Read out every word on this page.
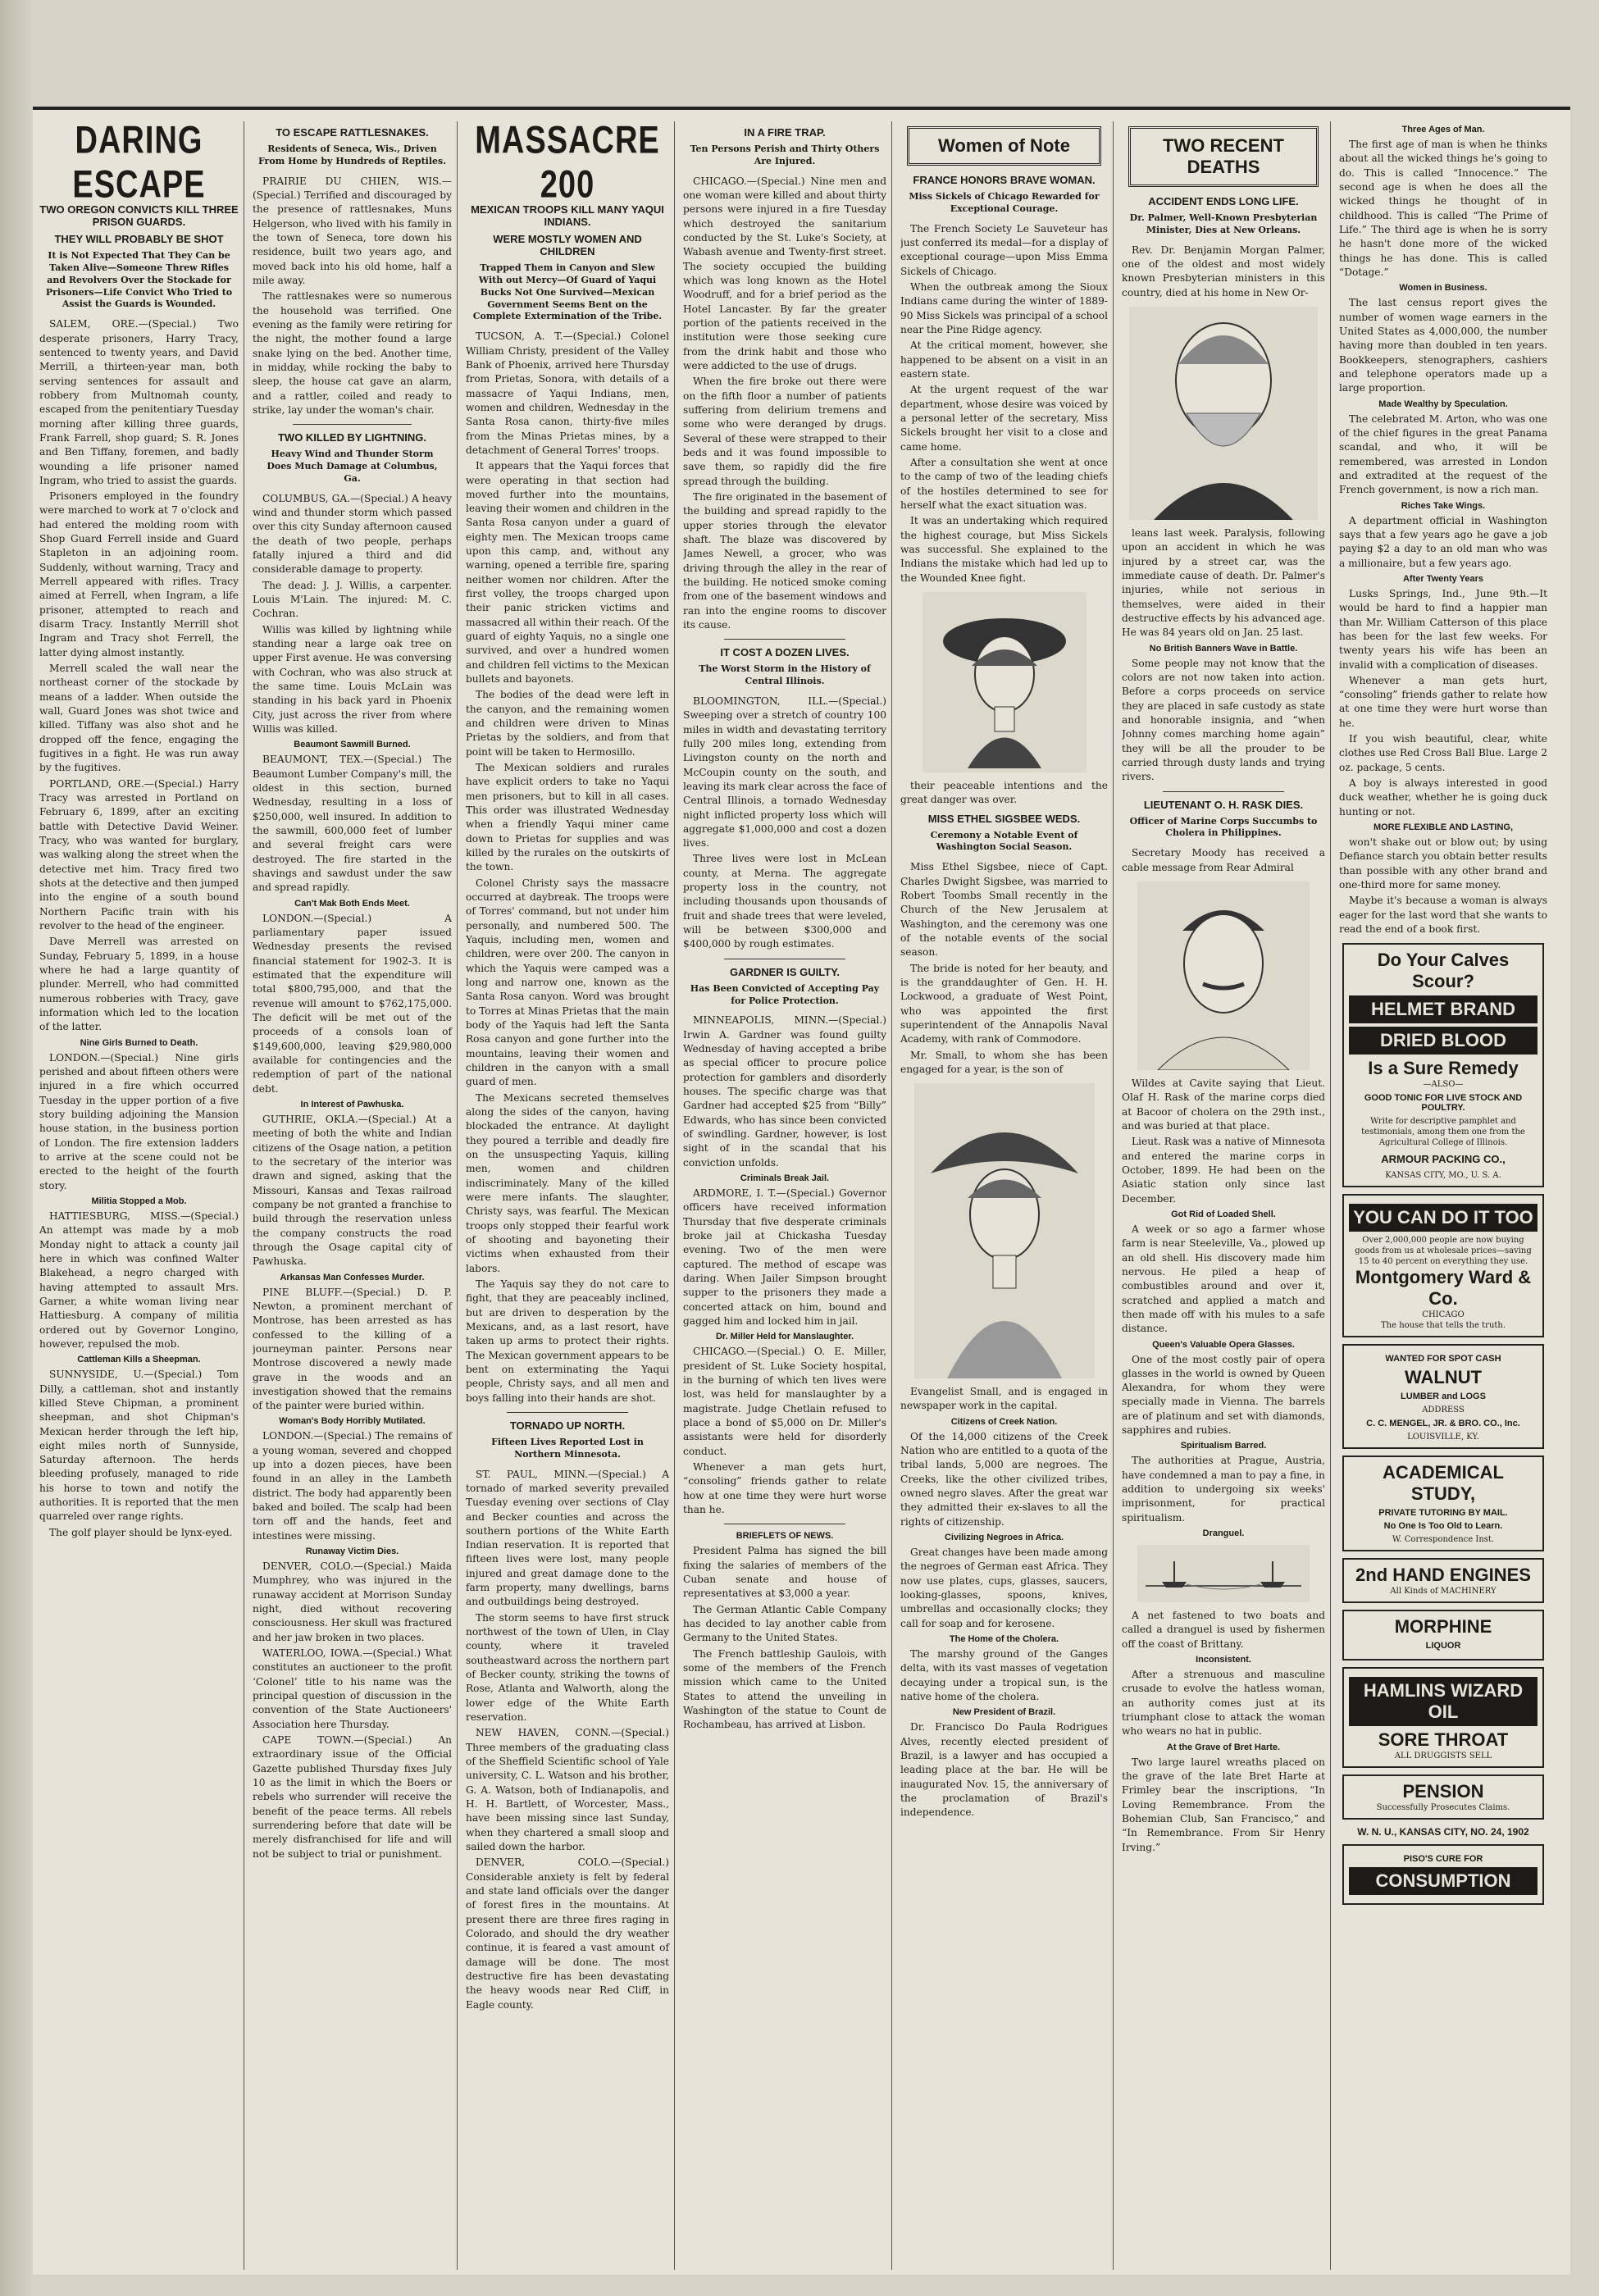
DARING ESCAPE
TWO OREGON CONVICTS KILL THREE PRISON GUARDS.
THEY WILL PROBABLY BE SHOT
It is Not Expected That They Can be Taken Alive—Someone Threw Rifles and Revolvers Over the Stockade for Prisoners—Life Convict Who Tried to Assist the Guards is Wounded.

SALEM, ORE.—(Special.) Two desperate prisoners, Harry Tracy, sentenced to twenty years, and David Merrill, a thirteen-year man, both serving sentences for assault and robbery from Multnomah county, escaped from the penitentiary Tuesday morning after killing three guards, Frank Farrell, shop guard; S. R. Jones and Ben Tiffany, foremen, and badly wounding a life prisoner named Ingram, who tried to assist the guards.

Prisoners employed in the foundry were marched to work at 7 o'clock and had entered the molding room with Shop Guard Ferrell inside and Guard Stapleton in an adjoining room. Suddenly, without warning, Tracy and Merrell appeared with rifles. Tracy aimed at Ferrell, when Ingram, a life prisoner, attempted to reach and disarm Tracy. Instantly Merrill shot Ingram and Tracy shot Ferrell, the latter dying almost instantly.

Merrell scaled the wall near the northeast corner of the stockade by means of a ladder. When outside the wall, Guard Jones was shot twice and killed. Tiffany was also shot and he dropped off the fence, engaging the fugitives in a fight. He was run away by the fugitives.

PORTLAND, ORE.—(Special.) Harry Tracy was arrested in Portland on February 6, 1899, after an exciting battle with Detective David Weiner. Tracy, who was wanted for burglary, was walking along the street when the detective met him. Tracy fired two shots at the detective and then jumped into the engine of a south bound Northern Pacific train with his revolver to the head of the engineer.

Dave Merrell was arrested on Sunday, February 5, 1899, in a house where he had a large quantity of plunder. Merrell, who had committed numerous robberies with Tracy, gave information which led to the location of the latter.

Nine Girls Burned to Death.

LONDON.—(Special.) Nine girls perished and about fifteen others were injured in a fire which occurred Tuesday in the upper portion of a five story building adjoining the Mansion house station, in the business portion of London. The fire extension ladders to arrive at the scene could not be erected to the height of the fourth story.

Militia Stopped a Mob.

HATTIESBURG, MISS.—(Special.) An attempt was made by a mob Monday night to attack a county jail here in which was confined Walter Blakehead, a negro charged with having attempted to assault Mrs. Garner, a white woman living near Hattiesburg. A company of militia ordered out by Governor Longino, however, repulsed the mob.

Cattleman Kills a Sheepman.

SUNNYSIDE, U.—(Special.) Tom Dilly, a cattleman, shot and instantly killed Steve Chipman, a prominent sheepman, and shot Chipman's Mexican herder through the left hip, eight miles north of Sunnyside, Saturday afternoon. The herds bleeding profusely, managed to ride his horse to town and notify the authorities. It is reported that the men quarreled over range rights.

The golf player should be lynx-eyed.

TO ESCAPE RATTLESNAKES.
Residents of Seneca, Wis., Driven From Home by Hundreds of Reptiles.

PRAIRIE DU CHIEN, WIS.—(Special.) Terrified and discouraged by the presence of rattlesnakes, Muns Helgerson, who lived with his family in the town of Seneca, tore down his residence, built two years ago, and moved back into his old home, half a mile away.

The rattlesnakes were so numerous the household was terrified. One evening as the family were retiring for the night, the mother found a large snake lying on the bed. Another time, in midday, while rocking the baby to sleep, the house cat gave an alarm, and a rattler, coiled and ready to strike, lay under the woman's chair.

TWO KILLED BY LIGHTNING.
Heavy Wind and Thunder Storm Does Much Damage at Columbus, Ga.

COLUMBUS, GA.—(Special.) A heavy wind and thunder storm which passed over this city Sunday afternoon caused the death of two people, perhaps fatally injured a third and did considerable damage to property.

The dead: J. J. Willis, a carpenter. Louis M'Lain. The injured: M. C. Cochran.

Willis was killed by lightning while standing near a large oak tree on upper First avenue. He was conversing with Cochran, who was also struck at the same time. Louis McLain was standing in his back yard in Phoenix City, just across the river from where Willis was killed.

Beaumont Sawmill Burned.

BEAUMONT, TEX.—(Special.) The Beaumont Lumber Company's mill, the oldest in this section, burned Wednesday, resulting in a loss of $250,000, well insured. In addition to the sawmill, 600,000 feet of lumber and several freight cars were destroyed. The fire started in the shavings and sawdust under the saw and spread rapidly.

Can't Mak Both Ends Meet.

LONDON.—(Special.) A parliamentary paper issued Wednesday presents the revised financial statement for 1902-3. It is estimated that the expenditure will total $800,795,000, and that the revenue will amount to $762,175,000. The deficit will be met out of the proceeds of a consols loan of $149,600,000, leaving $29,980,000 available for contingencies and the redemption of part of the national debt.

In Interest of Pawhuska.

GUTHRIE, OKLA.—(Special.) At a meeting of both the white and Indian citizens of the Osage nation, a petition to the secretary of the interior was drawn and signed, asking that the Missouri, Kansas and Texas railroad company be not granted a franchise to build through the reservation unless the company constructs the road through the Osage capital city of Pawhuska.

Arkansas Man Confesses Murder.

PINE BLUFF.—(Special.) D. P. Newton, a prominent merchant of Montrose, has been arrested as has confessed to the killing of a journeyman painter. Persons near Montrose discovered a newly made grave in the woods and an investigation showed that the remains of the painter were buried within.

Woman's Body Horribly Mutilated.

LONDON.—(Special.) The remains of a young woman, severed and chopped up into a dozen pieces, have been found in an alley in the Lambeth district. The body had apparently been baked and boiled. The scalp had been torn off and the hands, feet and intestines were missing.

Runaway Victim Dies.

DENVER, COLO.—(Special.) Maida Mumphrey, who was injured in the runaway accident at Morrison Sunday night, died without recovering consciousness. Her skull was fractured and her jaw broken in two places.

WATERLOO, IOWA.—(Special.) What constitutes an auctioneer to the profit ‘Colonel’ title to his name was the principal question of discussion in the convention of the State Auctioneers' Association here Thursday.

CAPE TOWN.—(Special.) An extraordinary issue of the Official Gazette published Thursday fixes July 10 as the limit in which the Boers or rebels who surrender will receive the benefit of the peace terms. All rebels surrendering before that date will be merely disfranchised for life and will not be subject to trial or punishment.

MASSACRE 200
MEXICAN TROOPS KILL MANY YAQUI INDIANS.
WERE MOSTLY WOMEN AND CHILDREN
Trapped Them in Canyon and Slew With out Mercy—Of Guard of Yaqui Bucks Not One Survived—Mexican Government Seems Bent on the Complete Extermination of the Tribe.

TUCSON, A. T.—(Special.) Colonel William Christy, president of the Valley Bank of Phoenix, arrived here Thursday from Prietas, Sonora, with details of a massacre of Yaqui Indians, men, women and children, Wednesday in the Santa Rosa canon, thirty-five miles from the Minas Prietas mines, by a detachment of General Torres' troops.

It appears that the Yaqui forces that were operating in that section had moved further into the mountains, leaving their women and children in the Santa Rosa canyon under a guard of eighty men. The Mexican troops came upon this camp, and, without any warning, opened a terrible fire, sparing neither women nor children. After the first volley, the troops charged upon their panic stricken victims and massacred all within their reach. Of the guard of eighty Yaquis, no a single one survived, and over a hundred women and children fell victims to the Mexican bullets and bayonets.

The bodies of the dead were left in the canyon, and the remaining women and children were driven to Minas Prietas by the soldiers, and from that point will be taken to Hermosillo.

The Mexican soldiers and rurales have explicit orders to take no Yaqui men prisoners, but to kill in all cases. This order was illustrated Wednesday when a friendly Yaqui miner came down to Prietas for supplies and was killed by the rurales on the outskirts of the town.

Colonel Christy says the massacre occurred at daybreak. The troops were of Torres' command, but not under him personally, and numbered 500. The Yaquis, including men, women and children, were over 200. The canyon in which the Yaquis were camped was a long and narrow one, known as the Santa Rosa canyon. Word was brought to Torres at Minas Prietas that the main body of the Yaquis had left the Santa Rosa canyon and gone further into the mountains, leaving their women and children in the canyon with a small guard of men.

The Mexicans secreted themselves along the sides of the canyon, having blockaded the entrance. At daylight they poured a terrible and deadly fire on the unsuspecting Yaquis, killing men, women and children indiscriminately. Many of the killed were mere infants. The slaughter, Christy says, was fearful. The Mexican troops only stopped their fearful work of shooting and bayoneting their victims when exhausted from their labors.

The Yaquis say they do not care to fight, that they are peaceably inclined, but are driven to desperation by the Mexicans, and, as a last resort, have taken up arms to protect their rights. The Mexican government appears to be bent on exterminating the Yaqui people, Christy says, and all men and boys falling into their hands are shot.

TORNADO UP NORTH.
Fifteen Lives Reported Lost in Northern Minnesota.

ST. PAUL, MINN.—(Special.) A tornado of marked severity prevailed Tuesday evening over sections of Clay and Becker counties and across the southern portions of the White Earth Indian reservation. It is reported that fifteen lives were lost, many people injured and great damage done to the farm property, many dwellings, barns and outbuildings being destroyed.

The storm seems to have first struck northwest of the town of Ulen, in Clay county, where it traveled southeastward across the northern part of Becker county, striking the towns of Rose, Atlanta and Walworth, along the lower edge of the White Earth reservation.

NEW HAVEN, CONN.—(Special.) Three members of the graduating class of the Sheffield Scientific school of Yale university, C. L. Watson and his brother, G. A. Watson, both of Indianapolis, and H. H. Bartlett, of Worcester, Mass., have been missing since last Sunday, when they chartered a small sloop and sailed down the harbor.

DENVER, COLO.—(Special.) Considerable anxiety is felt by federal and state land officials over the danger of forest fires in the mountains. At present there are three fires raging in Colorado, and should the dry weather continue, it is feared a vast amount of damage will be done. The most destructive fire has been devastating the heavy woods near Red Cliff, in Eagle county.

IN A FIRE TRAP.
Ten Persons Perish and Thirty Others Are Injured.

CHICAGO.—(Special.) Nine men and one woman were killed and about thirty persons were injured in a fire Tuesday which destroyed the sanitarium conducted by the St. Luke's Society, at Wabash avenue and Twenty-first street. The society occupied the building which was long known as the Hotel Woodruff, and for a brief period as the Hotel Lancaster. By far the greater portion of the patients received in the institution were those seeking cure from the drink habit and those who were addicted to the use of drugs.

When the fire broke out there were on the fifth floor a number of patients suffering from delirium tremens and some who were deranged by drugs. Several of these were strapped to their beds and it was found impossible to save them, so rapidly did the fire spread through the building.

The fire originated in the basement of the building and spread rapidly to the upper stories through the elevator shaft. The blaze was discovered by James Newell, a grocer, who was driving through the alley in the rear of the building. He noticed smoke coming from one of the basement windows and ran into the engine rooms to discover its cause.

IT COST A DOZEN LIVES.
The Worst Storm in the History of Central Illinois.

BLOOMINGTON, ILL.—(Special.) Sweeping over a stretch of country 100 miles in width and devastating territory fully 200 miles long, extending from Livingston county on the north and McCoupin county on the south, and leaving its mark clear across the face of Central Illinois, a tornado Wednesday night inflicted property loss which will aggregate $1,000,000 and cost a dozen lives.

Three lives were lost in McLean county, at Merna. The aggregate property loss in the country, not including thousands upon thousands of fruit and shade trees that were leveled, will be between $300,000 and $400,000 by rough estimates.

GARDNER IS GUILTY.
Has Been Convicted of Accepting Pay for Police Protection.

MINNEAPOLIS, MINN.—(Special.) Irwin A. Gardner was found guilty Wednesday of having accepted a bribe as special officer to procure police protection for gamblers and disorderly houses. The specific charge was that Gardner had accepted $25 from “Billy” Edwards, who has since been convicted of swindling. Gardner, however, is lost sight of in the scandal that his conviction unfolds.

Criminals Break Jail.

ARDMORE, I. T.—(Special.) Governor officers have received information Thursday that five desperate criminals broke jail at Chickasha Tuesday evening. Two of the men were captured. The method of escape was daring. When Jailer Simpson brought supper to the prisoners they made a concerted attack on him, bound and gagged him and locked him in jail.

Dr. Miller Held for Manslaughter.

CHICAGO.—(Special.) O. E. Miller, president of St. Luke Society hospital, in the burning of which ten lives were lost, was held for manslaughter by a magistrate. Judge Chetlain refused to place a bond of $5,000 on Dr. Miller's assistants were held for disorderly conduct.

Whenever a man gets hurt, “consoling” friends gather to relate how at one time they were hurt worse than he.

BRIEFLETS OF NEWS.

President Palma has signed the bill fixing the salaries of members of the Cuban senate and house of representatives at $3,000 a year.

The German Atlantic Cable Company has decided to lay another cable from Germany to the United States.

The French battleship Gaulois, with some of the members of the French mission which came to the United States to attend the unveiling in Washington of the statue to Count de Rochambeau, has arrived at Lisbon.

Women of Note
FRANCE HONORS BRAVE WOMAN.
Miss Sickels of Chicago Rewarded for Exceptional Courage.

The French Society Le Sauveteur has just conferred its medal—for a display of exceptional courage—upon Miss Emma Sickels of Chicago.

When the outbreak among the Sioux Indians came during the winter of 1889-90 Miss Sickels was principal of a school near the Pine Ridge agency.

At the critical moment, however, she happened to be absent on a visit in an eastern state.

At the urgent request of the war department, whose desire was voiced by a personal letter of the secretary, Miss Sickels brought her visit to a close and came home.

After a consultation she went at once to the camp of two of the leading chiefs of the hostiles determined to see for herself what the exact situation was.

It was an undertaking which required the highest courage, but Miss Sickels was successful. She explained to the Indians the mistake which had led up to the Wounded Knee fight.

their peaceable intentions and the great danger was over.

MISS ETHEL SIGSBEE WEDS.
Ceremony a Notable Event of Washington Social Season.

Miss Ethel Sigsbee, niece of Capt. Charles Dwight Sigsbee, was married to Robert Toombs Small recently in the Church of the New Jerusalem at Washington, and the ceremony was one of the notable events of the social season.

The bride is noted for her beauty, and is the granddaughter of Gen. H. H. Lockwood, a graduate of West Point, who was appointed the first superintendent of the Annapolis Naval Academy, with rank of Commodore.

Mr. Small, to whom she has been engaged for a year, is the son of

Evangelist Small, and is engaged in newspaper work in the capital.

Citizens of Creek Nation.

Of the 14,000 citizens of the Creek Nation who are entitled to a quota of the tribal lands, 5,000 are negroes. The Creeks, like the other civilized tribes, owned negro slaves. After the great war they admitted their ex-slaves to all the rights of citizenship.

Civilizing Negroes in Africa.

Great changes have been made among the negroes of German east Africa. They now use plates, cups, glasses, saucers, looking-glasses, spoons, knives, umbrellas and occasionally clocks; they call for soap and for kerosene.

The Home of the Cholera.

The marshy ground of the Ganges delta, with its vast masses of vegetation decaying under a tropical sun, is the native home of the cholera.

New President of Brazil.

Dr. Francisco Do Paula Rodrigues Alves, recently elected president of Brazil, is a lawyer and has occupied a leading place at the bar. He will be inaugurated Nov. 15, the anniversary of the proclamation of Brazil's independence.

TWO RECENT DEATHS
ACCIDENT ENDS LONG LIFE.
Dr. Palmer, Well-Known Presbyterian Minister, Dies at New Orleans.

Rev. Dr. Benjamin Morgan Palmer, one of the oldest and most widely known Presbyterian ministers in this country, died at his home in New Or-

leans last week. Paralysis, following upon an accident in which he was injured by a street car, was the immediate cause of death. Dr. Palmer's injuries, while not serious in themselves, were aided in their destructive effects by his advanced age. He was 84 years old on Jan. 25 last.

No British Banners Wave in Battle.

Some people may not know that the colors are not now taken into action. Before a corps proceeds on service they are placed in safe custody as state and honorable insignia, and “when Johnny comes marching home again” they will be all the prouder to be carried through dusty lands and trying rivers.

LIEUTENANT O. H. RASK DIES.
Officer of Marine Corps Succumbs to Cholera in Philippines.

Secretary Moody has received a cable message from Rear Admiral

Wildes at Cavite saying that Lieut. Olaf H. Rask of the marine corps died at Bacoor of cholera on the 29th inst., and was buried at that place.

Lieut. Rask was a native of Minnesota and entered the marine corps in October, 1899. He had been on the Asiatic station only since last December.

Got Rid of Loaded Shell.

A week or so ago a farmer whose farm is near Steeleville, Va., plowed up an old shell. His discovery made him nervous. He piled a heap of combustibles around and over it, scratched and applied a match and then made off with his mules to a safe distance.

Queen's Valuable Opera Glasses.

One of the most costly pair of opera glasses in the world is owned by Queen Alexandra, for whom they were specially made in Vienna. The barrels are of platinum and set with diamonds, sapphires and rubies.

Spiritualism Barred.

The authorities at Prague, Austria, have condemned a man to pay a fine, in addition to undergoing six weeks' imprisonment, for practical spiritualism.

Dranguel.

A net fastened to two boats and called a dranguel is used by fishermen off the coast of Brittany.

Inconsistent.

After a strenuous and masculine crusade to evolve the hatless woman, an authority comes just at its triumphant close to attack the woman who wears no hat in public.

At the Grave of Bret Harte.

Two large laurel wreaths placed on the grave of the late Bret Harte at Frimley bear the inscriptions, “In Loving Remembrance. From the Bohemian Club, San Francisco,” and “In Remembrance. From Sir Henry Irving.”

Three Ages of Man.

The first age of man is when he thinks about all the wicked things he's going to do. This is called “Innocence.” The second age is when he does all the wicked things he thought of in childhood. This is called “The Prime of Life.” The third age is when he is sorry he hasn't done more of the wicked things he has done. This is called “Dotage.”

Women in Business.

The last census report gives the number of women wage earners in the United States as 4,000,000, the number having more than doubled in ten years. Bookkeepers, stenographers, cashiers and telephone operators made up a large proportion.

Made Wealthy by Speculation.

The celebrated M. Arton, who was one of the chief figures in the great Panama scandal, and who, it will be remembered, was arrested in London and extradited at the request of the French government, is now a rich man.

Riches Take Wings.

A department official in Washington says that a few years ago he gave a job paying $2 a day to an old man who was a millionaire, but a few years ago.

After Twenty Years

Lusks Springs, Ind., June 9th.—It would be hard to find a happier man than Mr. William Catterson of this place has been for the last few weeks. For twenty years his wife has been an invalid with a complication of diseases.

Whenever a man gets hurt, “consoling” friends gather to relate how at one time they were hurt worse than he.

If you wish beautiful, clear, white clothes use Red Cross Ball Blue. Large 2 oz. package, 5 cents.

A boy is always interested in good duck weather, whether he is going duck hunting or not.

MORE FLEXIBLE AND LASTING,

won't shake out or blow out; by using Defiance starch you obtain better results than possible with any other brand and one-third more for same money.

Maybe it's because a woman is always eager for the last word that she wants to read the end of a book first.

Do Your Calves Scour?
HELMET BRAND
DRIED BLOOD
Is a Sure Remedy
—ALSO—
GOOD TONIC FOR LIVE STOCK AND POULTRY.
Write for descriptive pamphlet and testimonials, among them one from the Agricultural College of Illinois.
ARMOUR PACKING CO.,
KANSAS CITY, MO., U. S. A.
YOU CAN DO IT TOO
Over 2,000,000 people are now buying goods from us at wholesale prices—saving 15 to 40 percent on everything they use.
Montgomery Ward & Co.
CHICAGO
The house that tells the truth.
WANTED FOR SPOT CASH
WALNUT
LUMBER and LOGS
ADDRESS
C. C. MENGEL, JR. & BRO. CO., Inc.
LOUISVILLE, KY.
ACADEMICAL STUDY,
PRIVATE TUTORING BY MAIL.
No One Is Too Old to Learn.
W. Correspondence Inst.
2nd HAND ENGINES
All Kinds of MACHINERY
MORPHINE
LIQUOR
HAMLINS WIZARD OIL
SORE THROAT
ALL DRUGGISTS SELL
PENSION
Successfully Prosecutes Claims.
W. N. U., KANSAS CITY, NO. 24, 1902
PISO'S CURE FOR
CONSUMPTION
